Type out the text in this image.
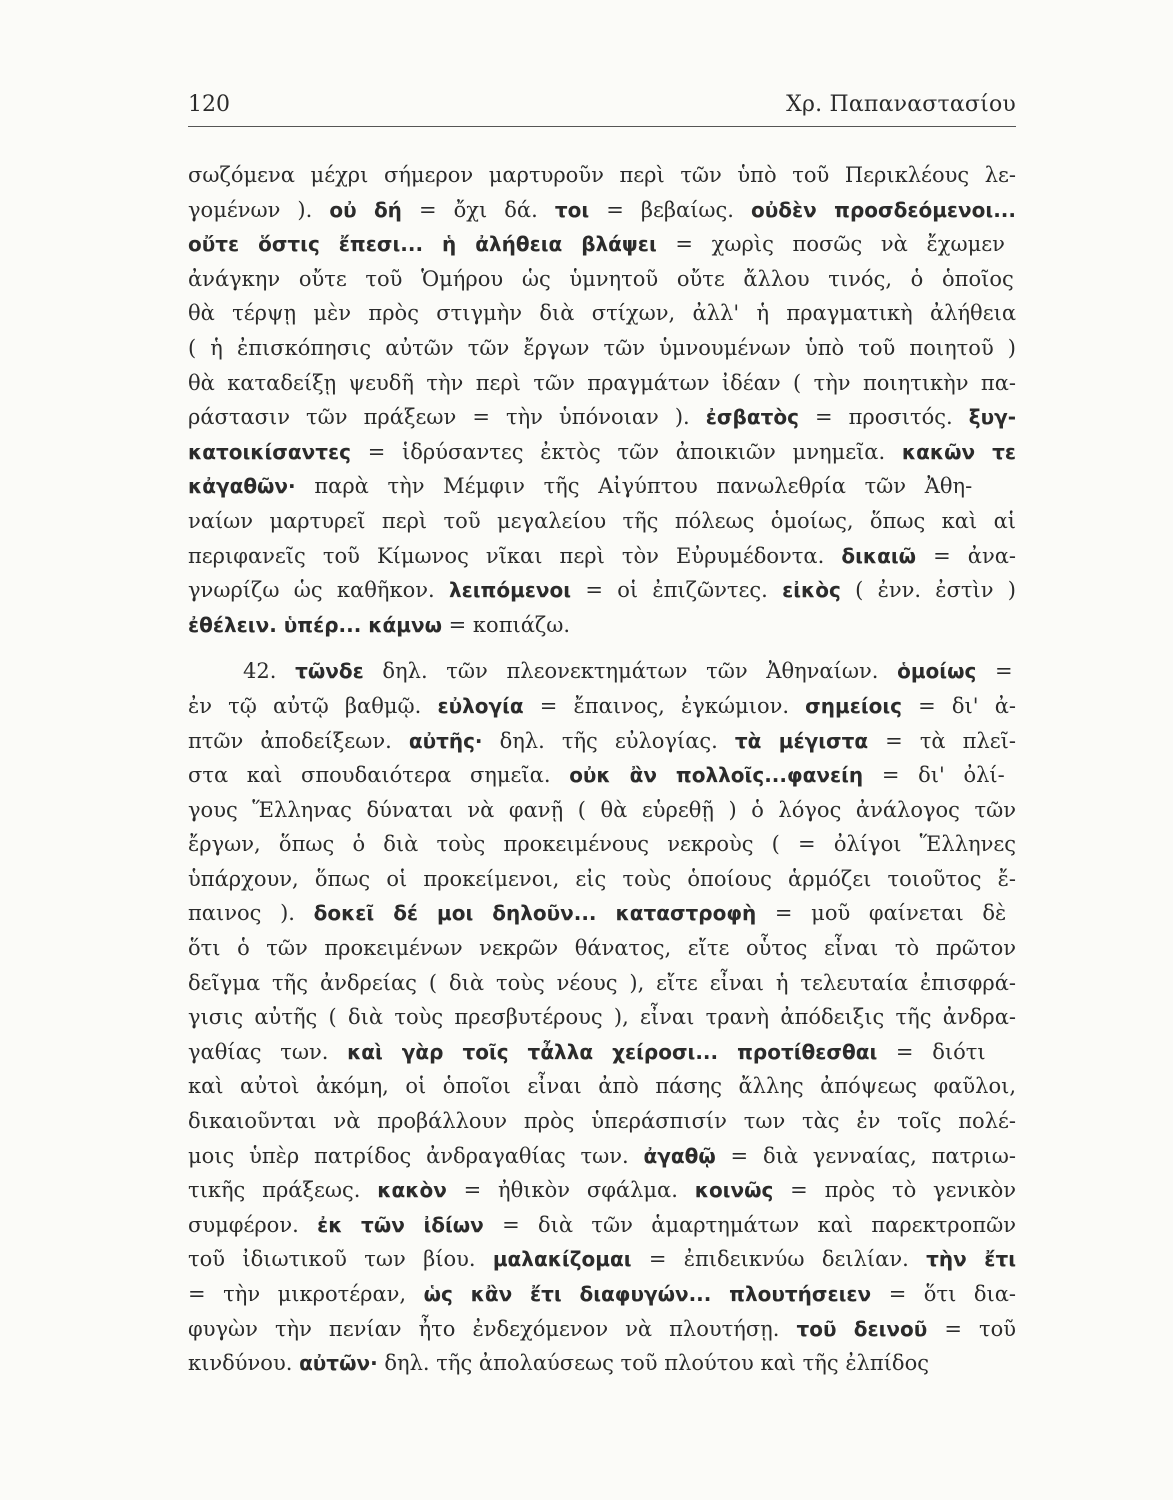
120	Χρ. Παπαναστασίου
σωζόμενα μέχρι σήμερον μαρτυροῦν περὶ τῶν ὑπὸ τοῦ Περικλέους λε-
γομένων ). οὐ δή = ὄχι δά. τοι = βεβαίως. οὐδὲν προσδεόμενοι...
οὔτε ὅστις ἔπεσι... ἡ ἀλήθεια βλάψει = χωρὶς ποσῶς νὰ ἔχωμεν
ἀνάγκην οὔτε τοῦ Ὁμήρου ὡς ὑμνητοῦ οὔτε ἄλλου τινός, ὁ ὁποῖος
θὰ τέρψῃ μὲν πρὸς στιγμὴν διὰ στίχων, ἀλλ' ἡ πραγματικὴ ἀλήθεια
( ἡ ἐπισκόπησις αὐτῶν τῶν ἔργων τῶν ὑμνουμένων ὑπὸ τοῦ ποιητοῦ )
θὰ καταδείξῃ ψευδῆ τὴν περὶ τῶν πραγμάτων ἰδέαν ( τὴν ποιητικὴν πα-
ράστασιν τῶν πράξεων = τὴν ὑπόνοιαν ). ἐσβατὸς = προσιτός. ξυγ-
κατοικίσαντες = ἱδρύσαντες ἐκτὸς τῶν ἀποικιῶν μνημεῖα. κακῶν τε
κἀγαθῶν· παρὰ τὴν Μέμφιν τῆς Αἰγύπτου πανωλεθρία τῶν Ἀθη-
ναίων μαρτυρεῖ περὶ τοῦ μεγαλείου τῆς πόλεως ὁμοίως, ὅπως καὶ αἱ
περιφανεῖς τοῦ Κίμωνος νῖκαι περὶ τὸν Εὐρυμέδοντα. δικαιῶ = ἀνα-
γνωρίζω ὡς καθῆκον. λειπόμενοι = οἱ ἐπιζῶντες. εἰκὸς ( ἐνν. ἐστὶν )
ἐθέλειν. ὑπέρ... κάμνω = κοπιάζω.
42. τῶνδε δηλ. τῶν πλεονεκτημάτων τῶν Ἀθηναίων. ὁμοίως =
ἐν τῷ αὐτῷ βαθμῷ. εὐλογία = ἔπαινος, ἐγκώμιον. σημείοις = δι' ἀ-
πτῶν ἀποδείξεων. αὐτῆς· δηλ. τῆς εὐλογίας. τὰ μέγιστα = τὰ πλεῖ-
στα καὶ σπουδαιότερα σημεῖα. οὐκ ἂν πολλοῖς...φανείη = δι' ὀλί-
γους Ἕλληνας δύναται νὰ φανῇ ( θὰ εὑρεθῇ ) ὁ λόγος ἀνάλογος τῶν
ἔργων, ὅπως ὁ διὰ τοὺς προκειμένους νεκροὺς ( = ὀλίγοι Ἕλληνες
ὑπάρχουν, ὅπως οἱ προκείμενοι, εἰς τοὺς ὁποίους ἁρμόζει τοιοῦτος ἔ-
παινος ). δοκεῖ δέ μοι δηλοῦν... καταστροφὴ = μοῦ φαίνεται δὲ
ὅτι ὁ τῶν προκειμένων νεκρῶν θάνατος, εἴτε οὗτος εἶναι τὸ πρῶτον
δεῖγμα τῆς ἀνδρείας ( διὰ τοὺς νέους ), εἴτε εἶναι ἡ τελευταία ἐπισφρά-
γισις αὐτῆς ( διὰ τοὺς πρεσβυτέρους ), εἶναι τρανὴ ἀπόδειξις τῆς ἀνδρα-
γαθίας των. καὶ γὰρ τοῖς τἆλλα χείροσι... προτίθεσθαι = διότι
καὶ αὐτοὶ ἀκόμη, οἱ ὁποῖοι εἶναι ἀπὸ πάσης ἄλλης ἀπόψεως φαῦλοι,
δικαιοῦνται νὰ προβάλλουν πρὸς ὑπεράσπισίν των τὰς ἐν τοῖς πολέ-
μοις ὑπὲρ πατρίδος ἀνδραγαθίας των. ἀγαθῷ = διὰ γενναίας, πατριω-
τικῆς πράξεως. κακὸν = ἠθικὸν σφάλμα. κοινῶς = πρὸς τὸ γενικὸν
συμφέρον. ἐκ τῶν ἰδίων = διὰ τῶν ἁμαρτημάτων καὶ παρεκτροπῶν
τοῦ ἰδιωτικοῦ των βίου. μαλακίζομαι = ἐπιδεικνύω δειλίαν. τὴν ἔτι
= τὴν μικροτέραν, ὡς κἂν ἔτι διαφυγών... πλουτήσειεν = ὅτι δια-
φυγὼν τὴν πενίαν ἦτο ἐνδεχόμενον νὰ πλουτήσῃ. τοῦ δεινοῦ = τοῦ
κινδύνου. αὐτῶν· δηλ. τῆς ἀπολαύσεως τοῦ πλούτου καὶ τῆς ἐλπίδος
